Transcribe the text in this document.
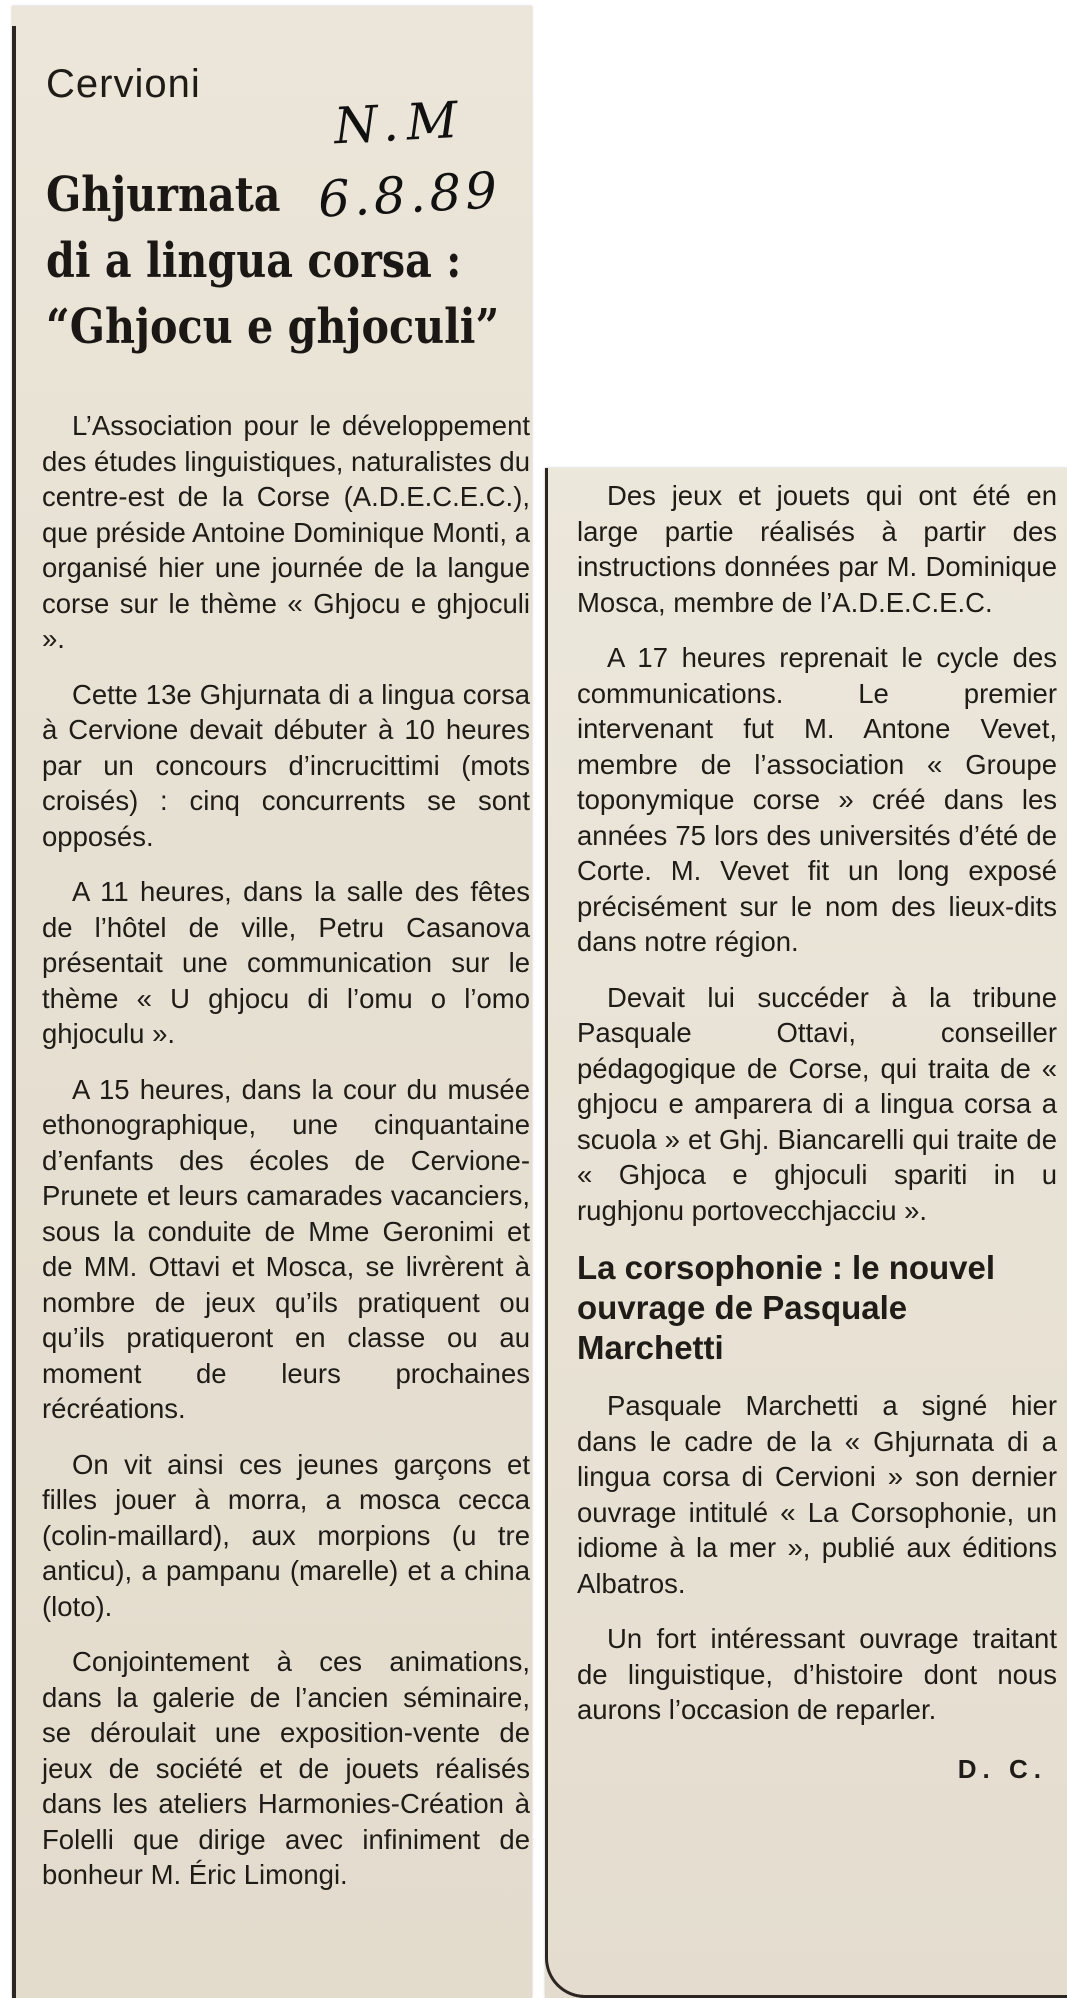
Cervioni
N.M
6.8.89
Ghjurnata
di a lingua corsa :
“Ghjocu e ghjoculi”

L’Association pour le développement des études linguistiques, naturalistes du centre-est de la Corse (A.D.E.C.E.C.), que préside Antoine Dominique Monti, a organisé hier une journée de la langue corse sur le thème « Ghjocu e ghjoculi ».

Cette 13e Ghjurnata di a lingua corsa à Cervione devait débuter à 10 heures par un concours d’incrucittimi (mots croisés) : cinq concurrents se sont opposés.

A 11 heures, dans la salle des fêtes de l’hôtel de ville, Petru Casanova présentait une communication sur le thème « U ghjocu di l’omu o l’omo ghjoculu ».

A 15 heures, dans la cour du musée ethonographique, une cinquantaine d’enfants des écoles de Cervione-Prunete et leurs camarades vacanciers, sous la conduite de Mme Geronimi et de MM. Ottavi et Mosca, se livrèrent à nombre de jeux qu’ils pratiquent ou qu’ils pratiqueront en classe ou au moment de leurs prochaines récréations.

On vit ainsi ces jeunes garçons et filles jouer à morra, a mosca cecca (colin-maillard), aux morpions (u tre anticu), a pampanu (marelle) et a china (loto).

Conjointement à ces animations, dans la galerie de l’ancien séminaire, se déroulait une exposition-vente de jeux de société et de jouets réalisés dans les ateliers Harmonies-Création à Folelli que dirige avec infiniment de bonheur M. Éric Limongi.

Des jeux et jouets qui ont été en large partie réalisés à partir des instructions données par M. Dominique Mosca, membre de l’A.D.E.C.E.C.

A 17 heures reprenait le cycle des communications. Le premier intervenant fut M. Antone Vevet, membre de l’association « Groupe toponymique corse » créé dans les années 75 lors des universités d’été de Corte. M. Vevet fit un long exposé précisément sur le nom des lieux-dits dans notre région.

Devait lui succéder à la tribune Pasquale Ottavi, conseiller pédagogique de Corse, qui traita de « ghjocu e amparera di a lingua corsa a scuola » et Ghj. Biancarelli qui traite de « Ghjoca e ghjoculi spariti in u rughjonu portovecchjacciu ».

La corsophonie : le nouvel ouvrage de Pasquale Marchetti

Pasquale Marchetti a signé hier dans le cadre de la « Ghjurnata di a lingua corsa di Cervioni » son dernier ouvrage intitulé « La Corsophonie, un idiome à la mer », publié aux éditions Albatros.

Un fort intéressant ouvrage traitant de linguistique, d’histoire dont nous aurons l’occasion de reparler.

D. C.
